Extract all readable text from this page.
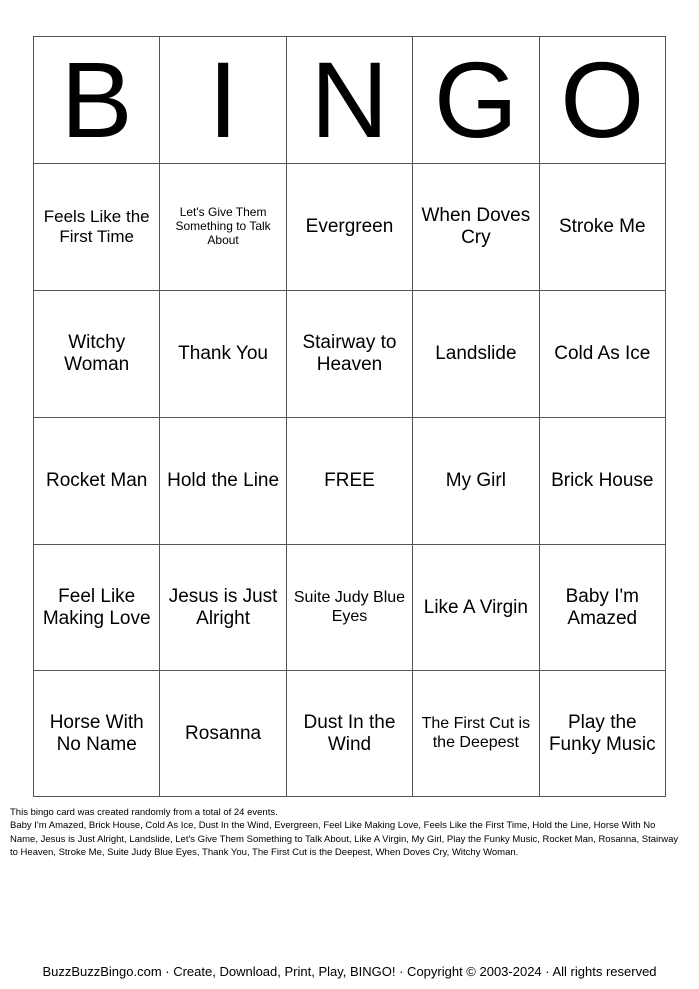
B	I	N	G	O
Feels Like the First Time	Let's Give Them Something to Talk About	Evergreen	When Doves Cry	Stroke Me
Witchy Woman	Thank You	Stairway to Heaven	Landslide	Cold As Ice
Rocket Man	Hold the Line	FREE	My Girl	Brick House
Feel Like Making Love	Jesus is Just Alright	Suite Judy Blue Eyes	Like A Virgin	Baby I'm Amazed
Horse With No Name	Rosanna	Dust In the Wind	The First Cut is the Deepest	Play the Funky Music

This bingo card was created randomly from a total of 24 events.

Baby I'm Amazed, Brick House, Cold As Ice, Dust In the Wind, Evergreen, Feel Like Making Love, Feels Like the First Time, Hold the Line, Horse With No Name, Jesus is Just Alright, Landslide, Let's Give Them Something to Talk About, Like A Virgin, My Girl, Play the Funky Music, Rocket Man, Rosanna, Stairway to Heaven, Stroke Me, Suite Judy Blue Eyes, Thank You, The First Cut is the Deepest, When Doves Cry, Witchy Woman.

BuzzBuzzBingo.com · Create, Download, Print, Play, BINGO! · Copyright © 2003-2024 · All rights reserved
